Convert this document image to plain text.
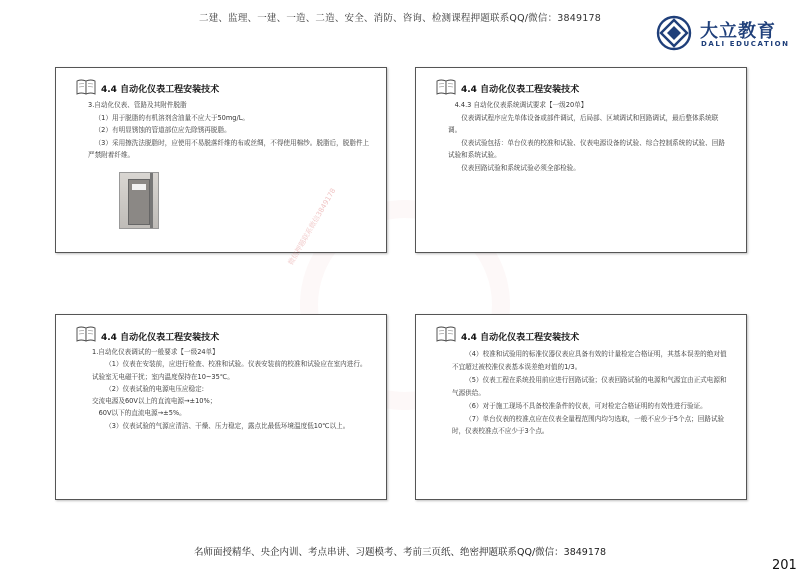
二建、监理、一建、一造、二造、安全、消防、咨询、检测课程押题联系QQ/微信：3849178
大立教育
DALI EDUCATION
4.4 自动化仪表工程安装技术

3.自动化仪表、管路及其附件脱脂

（1）用于脱脂的有机溶剂含油量不应大于50mg/L。

（2）有明显锈蚀的管道部位应先除锈再脱脂。

（3）采用擦洗法脱脂时，应使用不易脱落纤维的布或丝绸，不得使用棉纱。脱脂后，脱脂件上严禁附着纤维。

微信押题联系微信3849178
4.4 自动化仪表工程安装技术

4.4.3 自动化仪表系统调试要求【一级20单】

仪表调试程序应先单体设备或部件调试，后局部、区域调试和回路调试，最后整体系统联调。

仪表试验包括：单台仪表的校准和试验、仪表电源设备的试验、综合控制系统的试验、回路试验和系统试验。

仪表回路试验和系统试验必须全部检验。

4.4 自动化仪表工程安装技术

1.自动化仪表调试的一般要求【一级24单】

（1）仪表在安装前，应进行检查、校准和试验。仪表安装前的校准和试验应在室内进行。试验室无电磁干扰；室内温度保持在10~35℃。

（2）仪表试验的电源电压应稳定:

交流电源及60V以上的直流电源→±10%；

60V以下的直流电源→±5%。

（3）仪表试验的气源应清洁、干燥、压力稳定，露点比最低环境温度低10℃以上。

4.4 自动化仪表工程安装技术

（4）校准和试验用的标准仪器仪表应具备有效的计量检定合格证明，其基本误差的绝对值不宜超过被校准仪表基本误差绝对值的1/3。

（5）仪表工程在系统投用前应进行回路试验；仪表回路试验的电源和气源宜由正式电源和气源供给。

（6）对于施工现场不具备校准条件的仪表，可对检定合格证明的有效性进行验证。

（7）单台仪表的校准点应在仪表全量程范围内均匀选取，一般不应少于5个点；回路试验时，仪表校准点不应少于3个点。

名师面授精华、央企内训、考点串讲、习题模考、考前三页纸、绝密押题联系QQ/微信：3849178
201
